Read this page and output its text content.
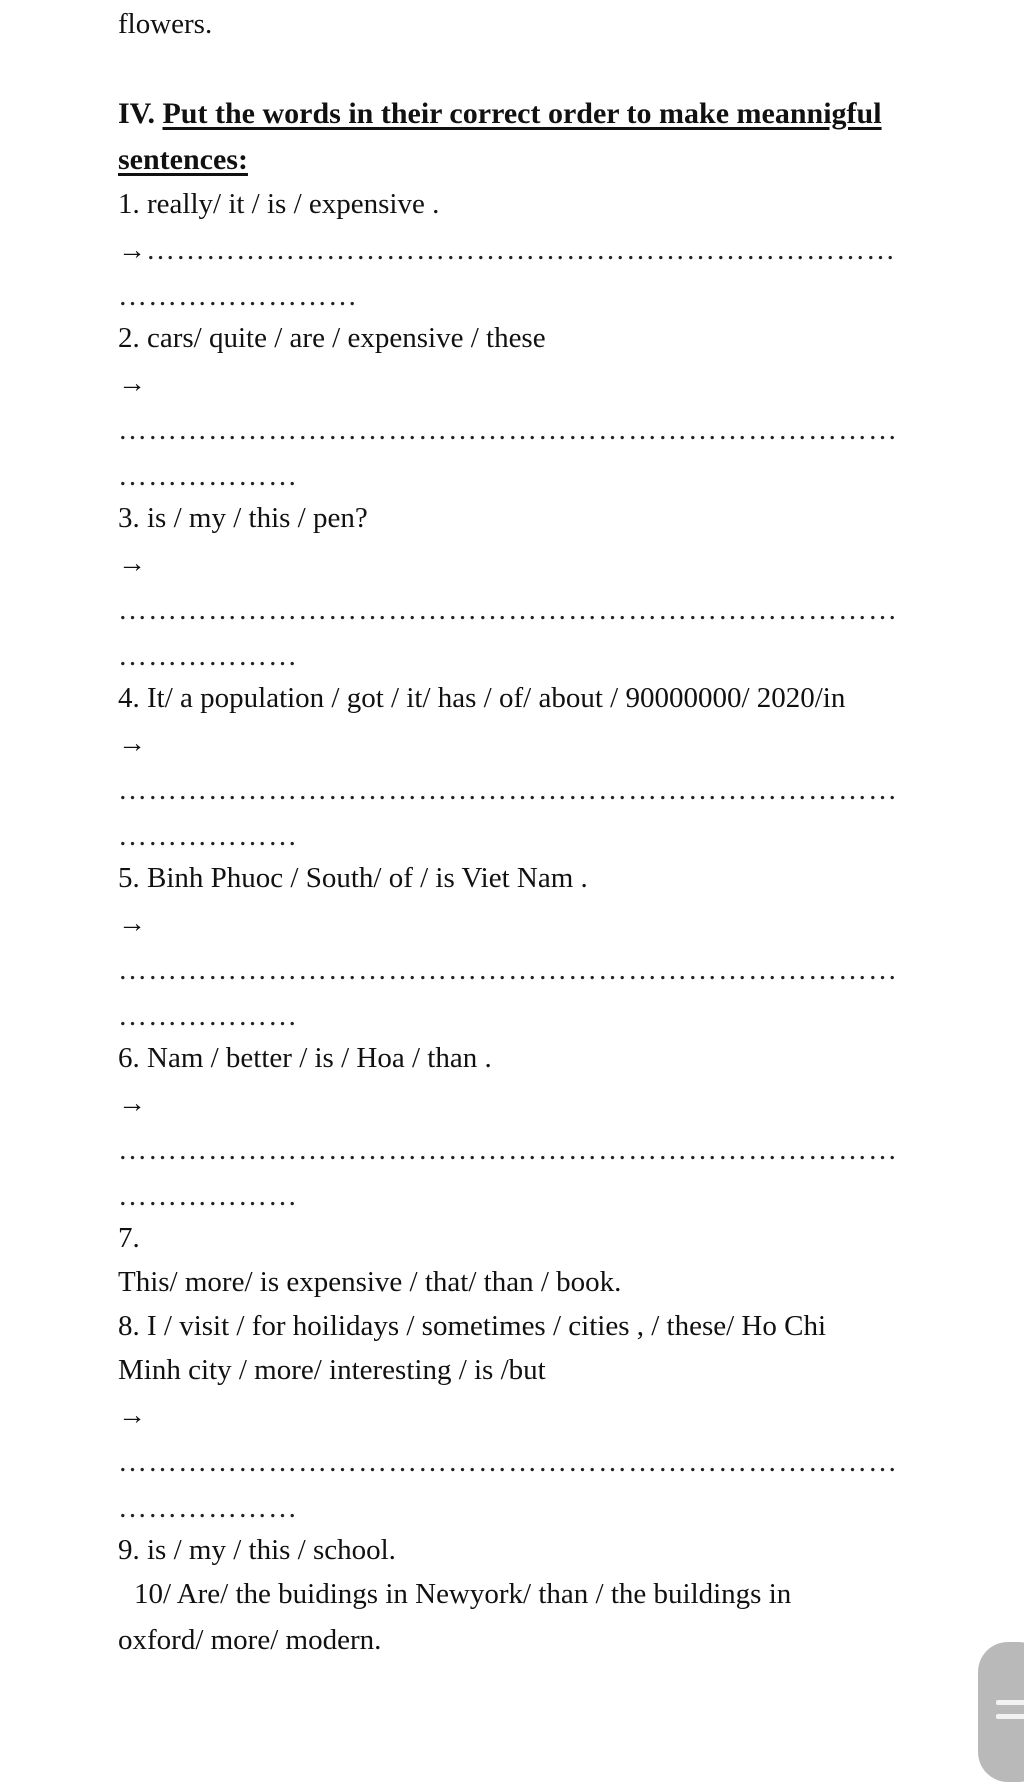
flowers.
IV. Put the words in their correct order to make meannigful
sentences:
1. really/ it / is / expensive .
→…………………………………………………………………
……………………
2. cars/ quite / are / expensive / these
→
……………………………………………………………………
………………
3. is / my / this / pen?
→
……………………………………………………………………
………………
4. It/ a population / got / it/ has / of/ about / 90000000/ 2020/in
→
……………………………………………………………………
………………
5. Binh Phuoc / South/ of / is Viet Nam .
→
……………………………………………………………………
………………
6. Nam / better / is / Hoa / than .
→
……………………………………………………………………
………………
7.
This/ more/ is expensive / that/ than / book.
8. I / visit / for hoilidays / sometimes / cities , / these/ Ho Chi
Minh city / more/ interesting / is /but
→
……………………………………………………………………
………………
9. is / my / this / school.
10/ Are/ the buidings in Newyork/ than / the buildings in
oxford/ more/ modern.
